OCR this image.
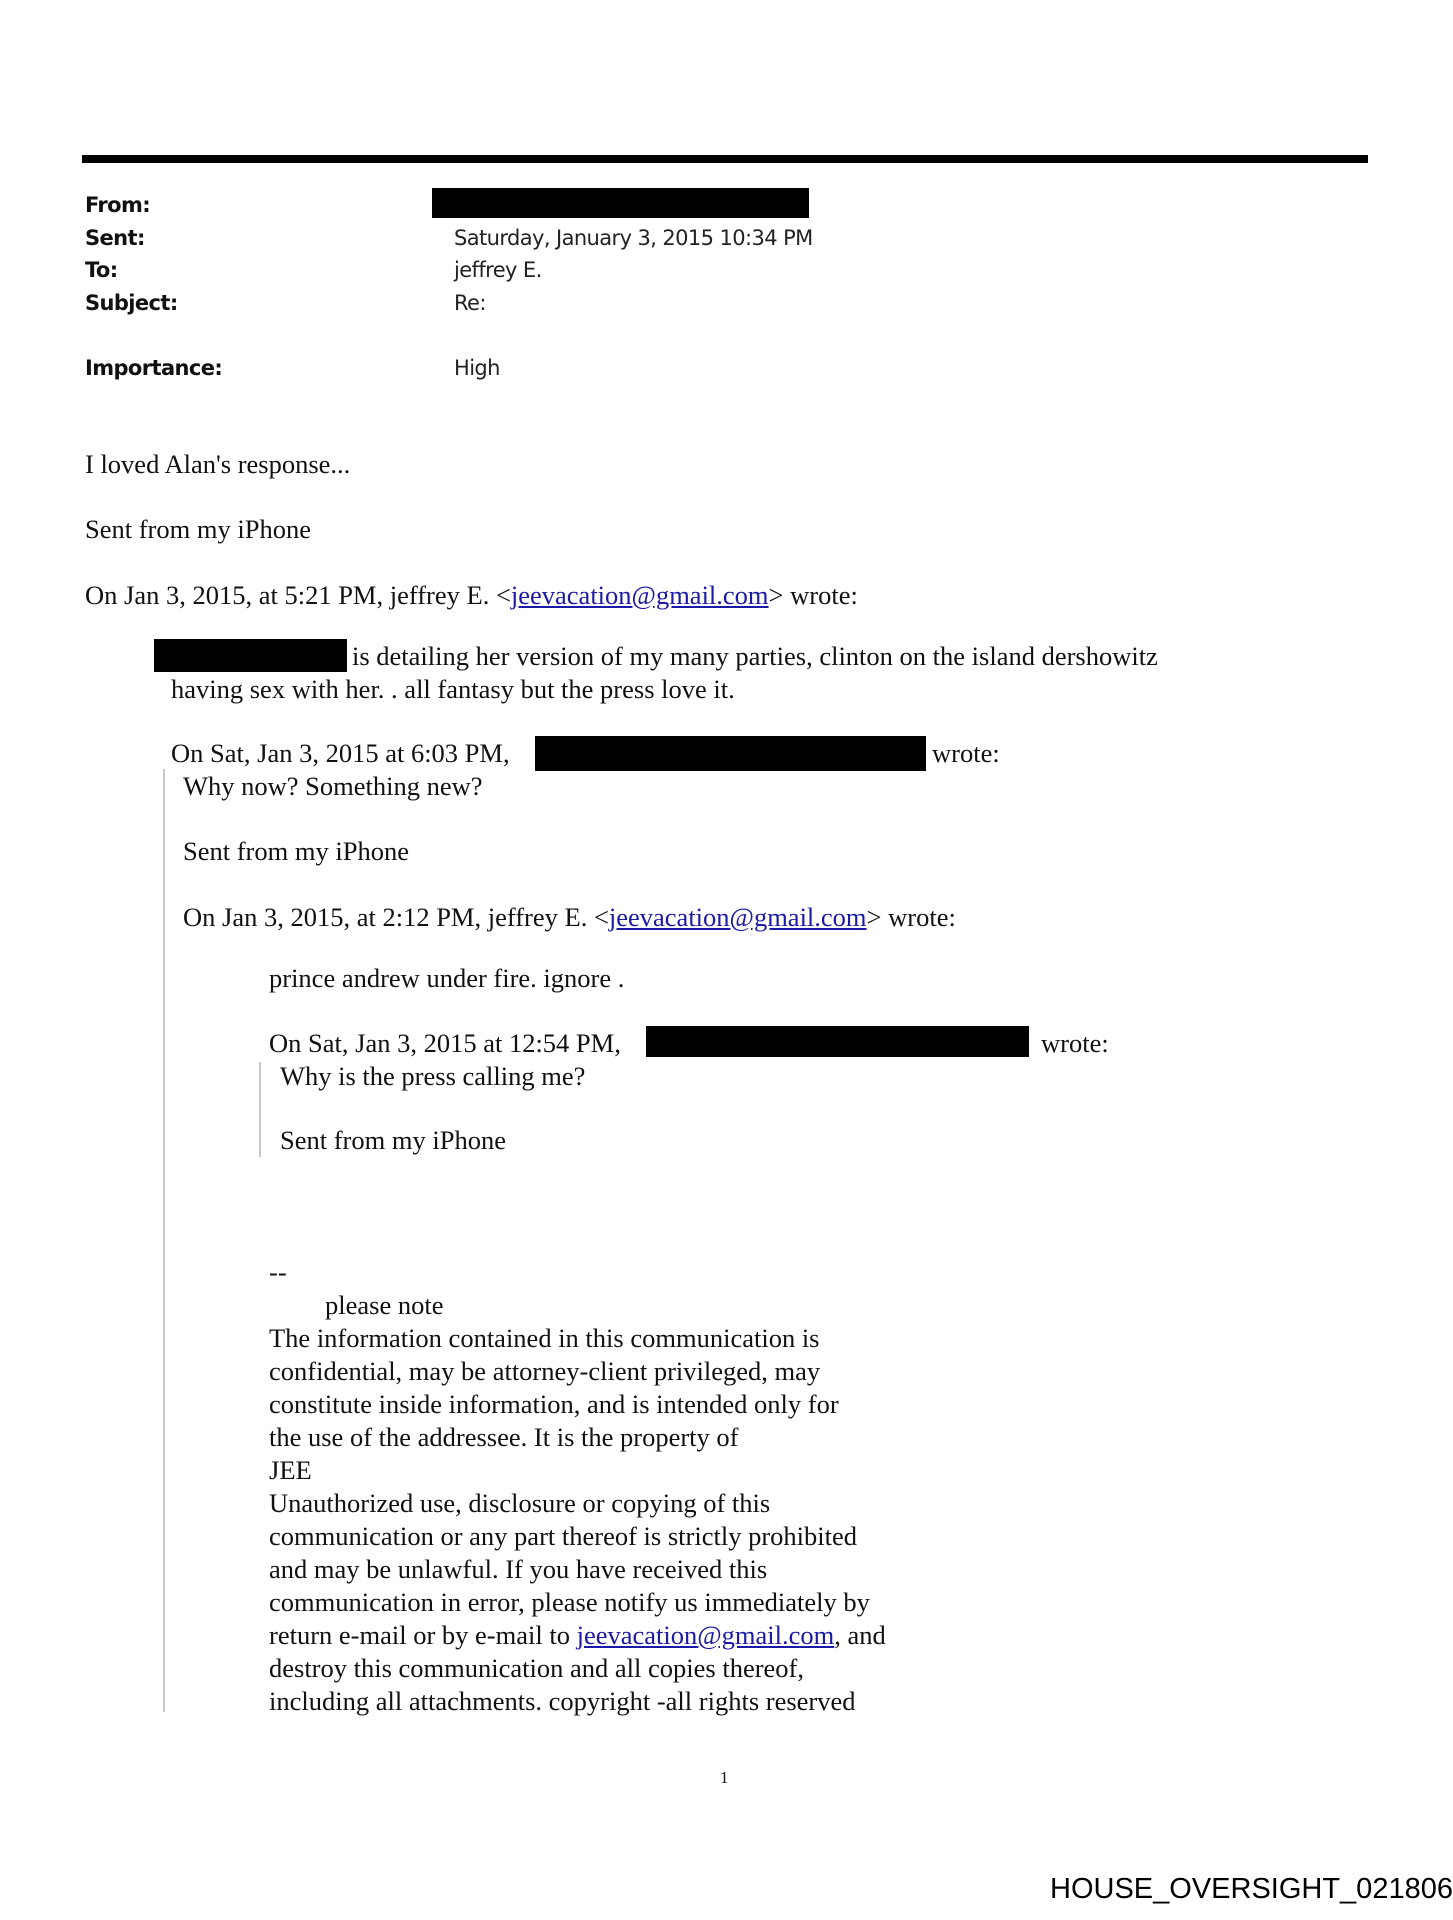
From:
Sent:	Saturday, January 3, 2015 10:34 PM
To:	jeffrey E.
Subject:	Re:
Importance:	High
I loved Alan's response...
Sent from my iPhone
On Jan 3, 2015, at 5:21 PM, jeffrey E. <jeevacation@gmail.com> wrote:
is detailing her version of my many parties, clinton on the island dershowitz
having sex with her. . all fantasy but the press love it.
On Sat, Jan 3, 2015 at 6:03 PM,	wrote:
Why now? Something new?
Sent from my iPhone
On Jan 3, 2015, at 2:12 PM, jeffrey E. <jeevacation@gmail.com> wrote:
prince andrew under fire. ignore .
On Sat, Jan 3, 2015 at 12:54 PM,	wrote:
Why is the press calling me?
Sent from my iPhone
--
please note
The information contained in this communication is
confidential, may be attorney-client privileged, may
constitute inside information, and is intended only for
the use of the addressee. It is the property of
JEE
Unauthorized use, disclosure or copying of this
communication or any part thereof is strictly prohibited
and may be unlawful. If you have received this
communication in error, please notify us immediately by
return e-mail or by e-mail to jeevacation@gmail.com, and
destroy this communication and all copies thereof,
including all attachments. copyright -all rights reserved
1
HOUSE_OVERSIGHT_021806
